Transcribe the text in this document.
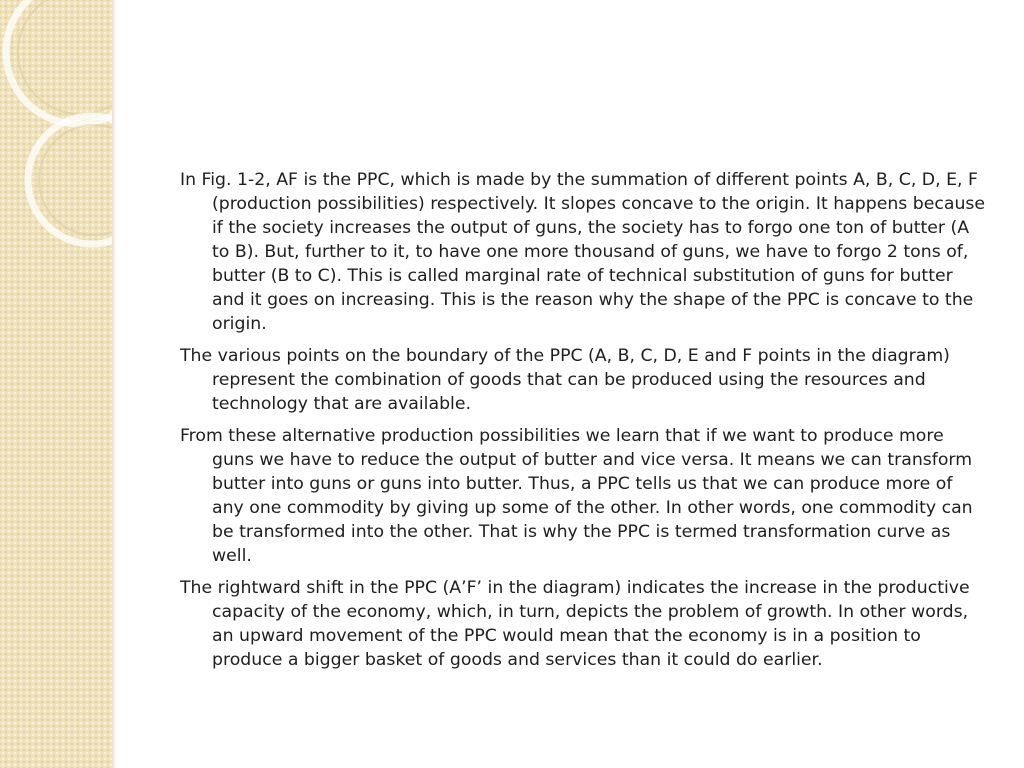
In Fig. 1-2, AF is the PPC, which is made by the summation of different points A, B, C, D, E, F (production possibilities) respectively. It slopes concave to the origin. It happens because if the society increases the output of guns, the society has to forgo one ton of butter (A to B). But, further to it, to have one more thousand of guns, we have to forgo 2 tons of, butter (B to C). This is called marginal rate of technical substitution of guns for butter and it goes on increasing. This is the reason why the shape of the PPC is concave to the origin.

The various points on the boundary of the PPC (A, B, C, D, E and F points in the diagram) represent the combination of goods that can be produced using the resources and technology that are available.

From these alternative production possibilities we learn that if we want to produce more guns we have to reduce the output of butter and vice versa. It means we can transform butter into guns or guns into butter. Thus, a PPC tells us that we can produce more of any one commodity by giving up some of the other. In other words, one commodity can be transformed into the other. That is why the PPC is termed transformation curve as well.

The rightward shift in the PPC (A’F’ in the diagram) indicates the increase in the productive capacity of the economy, which, in turn, depicts the problem of growth. In other words, an upward movement of the PPC would mean that the economy is in a position to produce a bigger basket of goods and services than it could do earlier.
